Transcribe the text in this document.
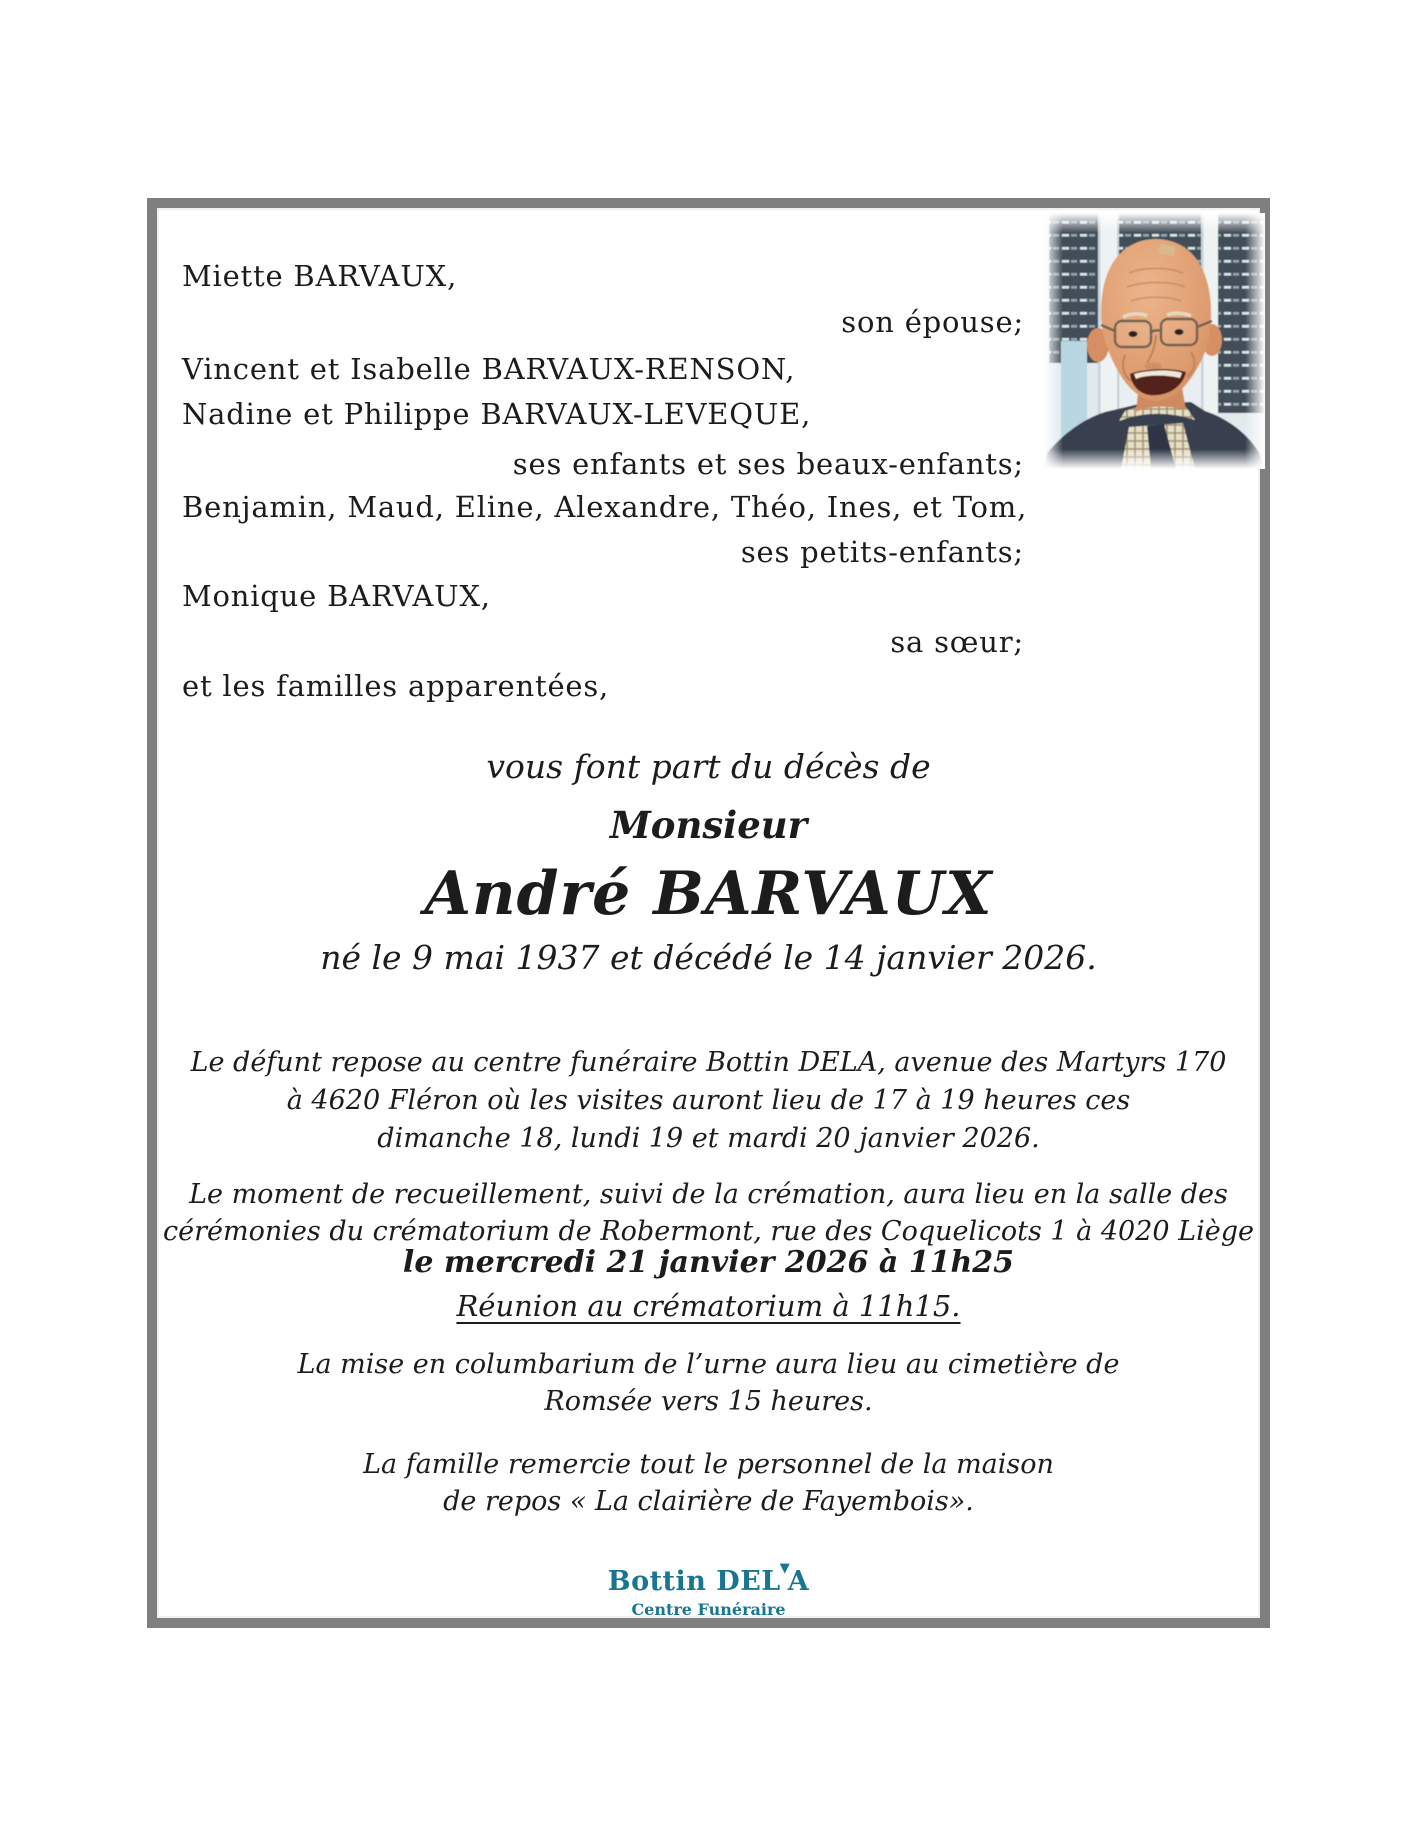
Miette BARVAUX,
son épouse;
Vincent et Isabelle BARVAUX-RENSON,
Nadine et Philippe BARVAUX-LEVEQUE,
ses enfants et ses beaux-enfants;
Benjamin, Maud, Eline, Alexandre, Théo, Ines, et Tom,
ses petits-enfants;
Monique BARVAUX,
sa sœur;
et les familles apparentées,
vous font part du décès de
Monsieur
André BARVAUX
né le 9 mai 1937 et décédé le 14 janvier 2026.
Le défunt repose au centre funéraire Bottin DELA, avenue des Martyrs 170
à 4620 Fléron où les visites auront lieu de 17 à 19 heures ces
dimanche 18, lundi 19 et mardi 20 janvier 2026.
Le moment de recueillement, suivi de la crémation, aura lieu en la salle des
cérémonies du crématorium de Robermont, rue des Coquelicots 1 à 4020 Liège
le mercredi 21 janvier 2026 à 11h25
Réunion au crématorium à 11h15.
La mise en columbarium de l’urne aura lieu au cimetière de
Romsée vers 15 heures.
La famille remercie tout le personnel de la maison
de repos « La clairière de Fayembois».
Bottin DEL▼A
Centre Funéraire
